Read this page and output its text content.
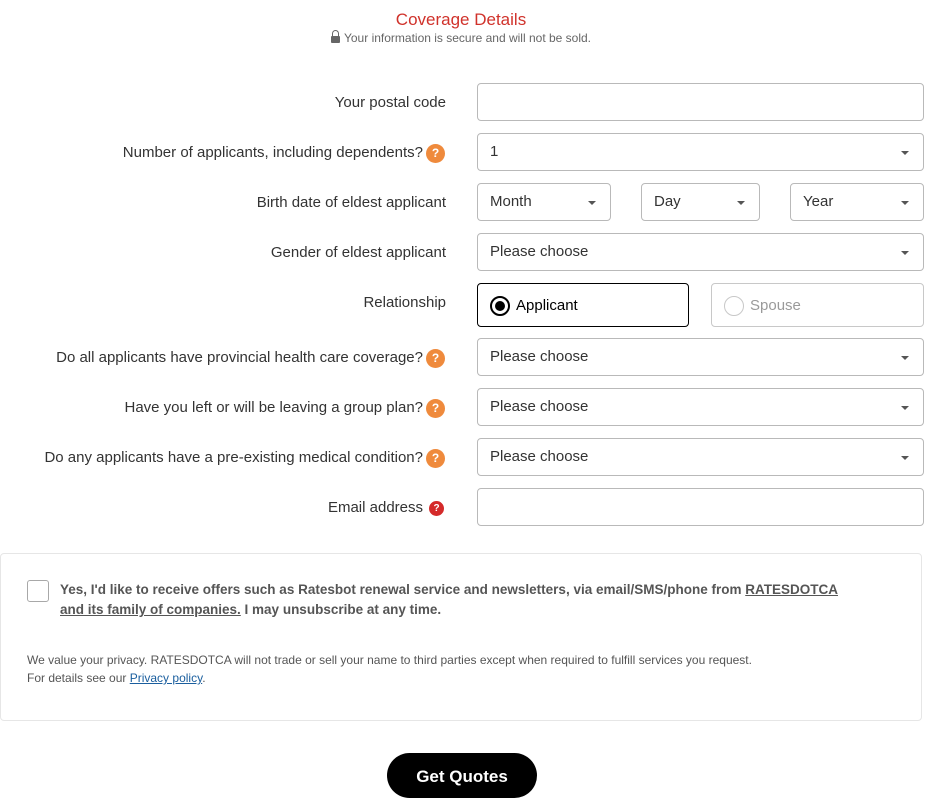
Coverage Details
Your information is secure and will not be sold.
Your postal code
Number of applicants, including dependents? ?	1
Birth date of eldest applicant	Month	Day	Year
Gender of eldest applicant	Please choose
Relationship	Applicant	Spouse
Do all applicants have provincial health care coverage? ?	Please choose
Have you left or will be leaving a group plan? ?	Please choose
Do any applicants have a pre-existing medical condition? ?	Please choose
Email address	?
Yes, I'd like to receive offers such as Ratesbot renewal service and newsletters, via email/SMS/phone from RATESDOTCA and its family of companies. I may unsubscribe at any time.
We value your privacy. RATESDOTCA will not trade or sell your name to third parties except when required to fulfill services you request.
For details see our Privacy policy.
Get Quotes
